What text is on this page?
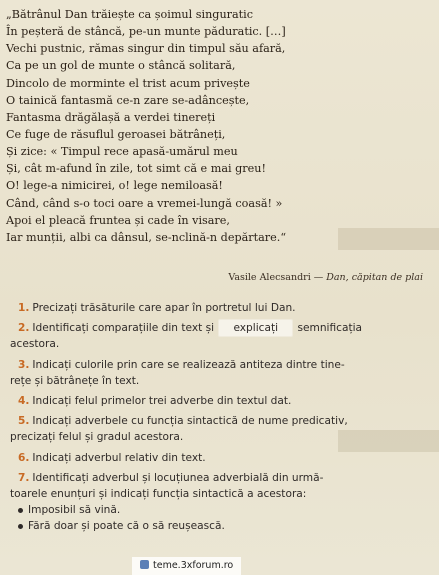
„Bătrânul Dan trăiește ca șoimul singuratic
În peșteră de stâncă, pe-un munte păduratic. […]
Vechi pustnic, rămas singur din timpul său afară,
Ca pe un gol de munte o stâncă solitară,
Dincolo de morminte el trist acum privește
O tainică fantasmă ce-n zare se-adâncește,
Fantasma drăgălașă a verdei tinereți
Ce fuge de răsuflul geroasei bătrâneți,
Și zice: « Timpul rece apasă-umărul meu
Și, cât m-afund în zile, tot simt că e mai greu!
O! lege-a nimicirei, o! lege nemiloasă!
Când, când s-o toci oare a vremei-lungă coasă! »
Apoi el pleacă fruntea și cade în visare,
Iar munții, albi ca dânsul, se-nclină-n depărtare.“
Vasile Alecsandri — Dan, căpitan de plai
1. Precizați trăsăturile care apar în portretul lui Dan.
2. Identificați comparațiile din text și explicați semnificația
acestora.
3. Indicați culorile prin care se realizează antiteza dintre tine-
rețe și bătrânețe în text.
4. Indicați felul primelor trei adverbe din textul dat.
5. Indicați adverbele cu funcția sintactică de nume predicativ,
precizați felul și gradul acestora.
6. Indicați adverbul relativ din text.
7. Identificați adverbul și locuțiunea adverbială din urmă-
toarele enunțuri și indicați funcția sintactică a acestora:
Imposibil să vină.
Fără doar și poate că o să reușească.
teme.3xforum.ro
